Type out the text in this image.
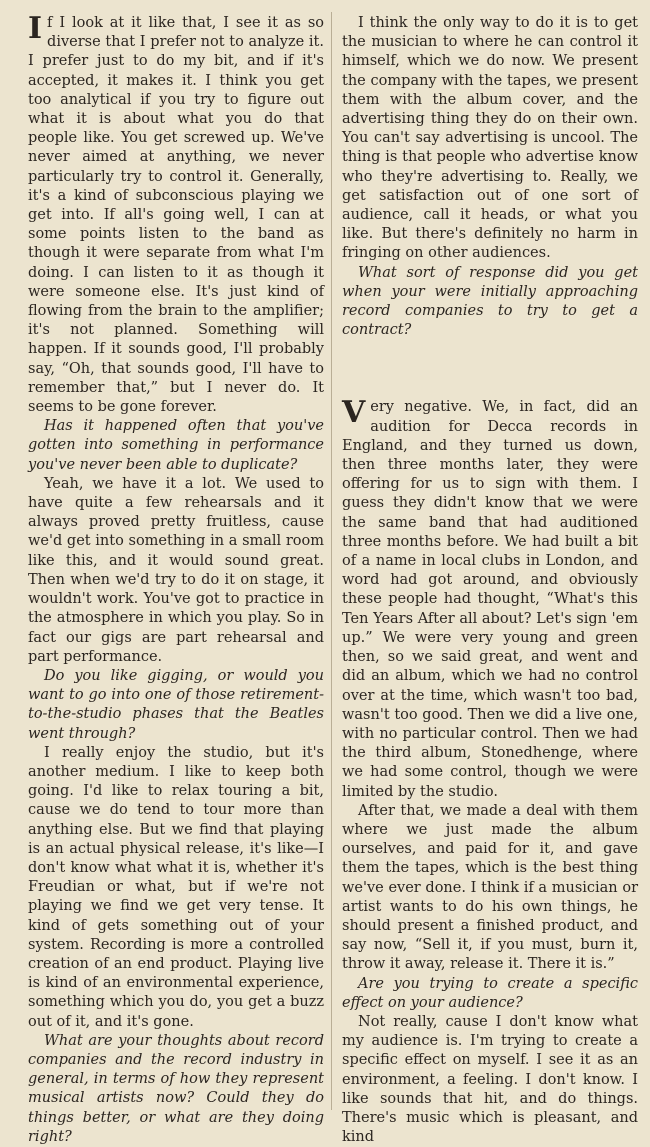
If I look at it like that, I see it as so diverse that I prefer not to analyze it. I prefer just to do my bit, and if it's accepted, it makes it. I think you get too analytical if you try to figure out what it is about what you do that people like. You get screwed up. We've never aimed at anything, we never particularly try to control it. Generally, it's a kind of subconscious playing we get into. If all's going well, I can at some points listen to the band as though it were separate from what I'm doing. I can listen to it as though it were someone else. It's just kind of flowing from the brain to the amplifier; it's not planned. Something will happen. If it sounds good, I'll probably say, “Oh, that sounds good, I'll have to remember that,” but I never do. It seems to be gone forever.

Has it happened often that you've gotten into something in performance you've never been able to duplicate?

Yeah, we have it a lot. We used to have quite a few rehearsals and it always proved pretty fruitless, cause we'd get into something in a small room like this, and it would sound great. Then when we'd try to do it on stage, it wouldn't work. You've got to practice in the atmosphere in which you play. So in fact our gigs are part rehearsal and part performance.

Do you like gigging, or would you want to go into one of those retirement-to-the-studio phases that the Beatles went through?

I really enjoy the studio, but it's another medium. I like to keep both going. I'd like to relax touring a bit, cause we do tend to tour more than anything else. But we find that playing is an actual physical release, it's like—I don't know what what it is, whether it's Freudian or what, but if we're not playing we find we get very tense. It kind of gets something out of your system. Recording is more a controlled creation of an end product. Playing live is kind of an environmental experience, something which you do, you get a buzz out of it, and it's gone.

What are your thoughts about record companies and the record industry in general, in terms of how they represent musical artists now? Could they do things better, or what are they doing right?

I think the only way to do it is to get the musician to where he can control it himself, which we do now. We present the company with the tapes, we present them with the album cover, and the advertising thing they do on their own. You can't say advertising is uncool. The thing is that people who advertise know who they're advertising to. Really, we get satisfaction out of one sort of audience, call it heads, or what you like. But there's definitely no harm in fringing on other audiences.

What sort of response did you get when your were initially approaching record companies to try to get a contract?

Very negative. We, in fact, did an audition for Decca records in England, and they turned us down, then three months later, they were offering for us to sign with them. I guess they didn't know that we were the same band that had auditioned three months before. We had built a bit of a name in local clubs in London, and word had got around, and obviously these people had thought, “What's this Ten Years After all about? Let's sign 'em up.” We were very young and green then, so we said great, and went and did an album, which we had no control over at the time, which wasn't too bad, wasn't too good. Then we did a live one, with no particular control. Then we had the third album, Stonedhenge, where we had some control, though we were limited by the studio.

After that, we made a deal with them where we just made the album ourselves, and paid for it, and gave them the tapes, which is the best thing we've ever done. I think if a musician or artist wants to do his own things, he should present a finished product, and say now, “Sell it, if you must, burn it, throw it away, release it. There it is.”

Are you trying to create a specific effect on your audience?

Not really, cause I don't know what my audience is. I'm trying to create a specific effect on myself. I see it as an environment, a feeling. I don't know. I like sounds that hit, and do things. There's music which is pleasant, and kind
